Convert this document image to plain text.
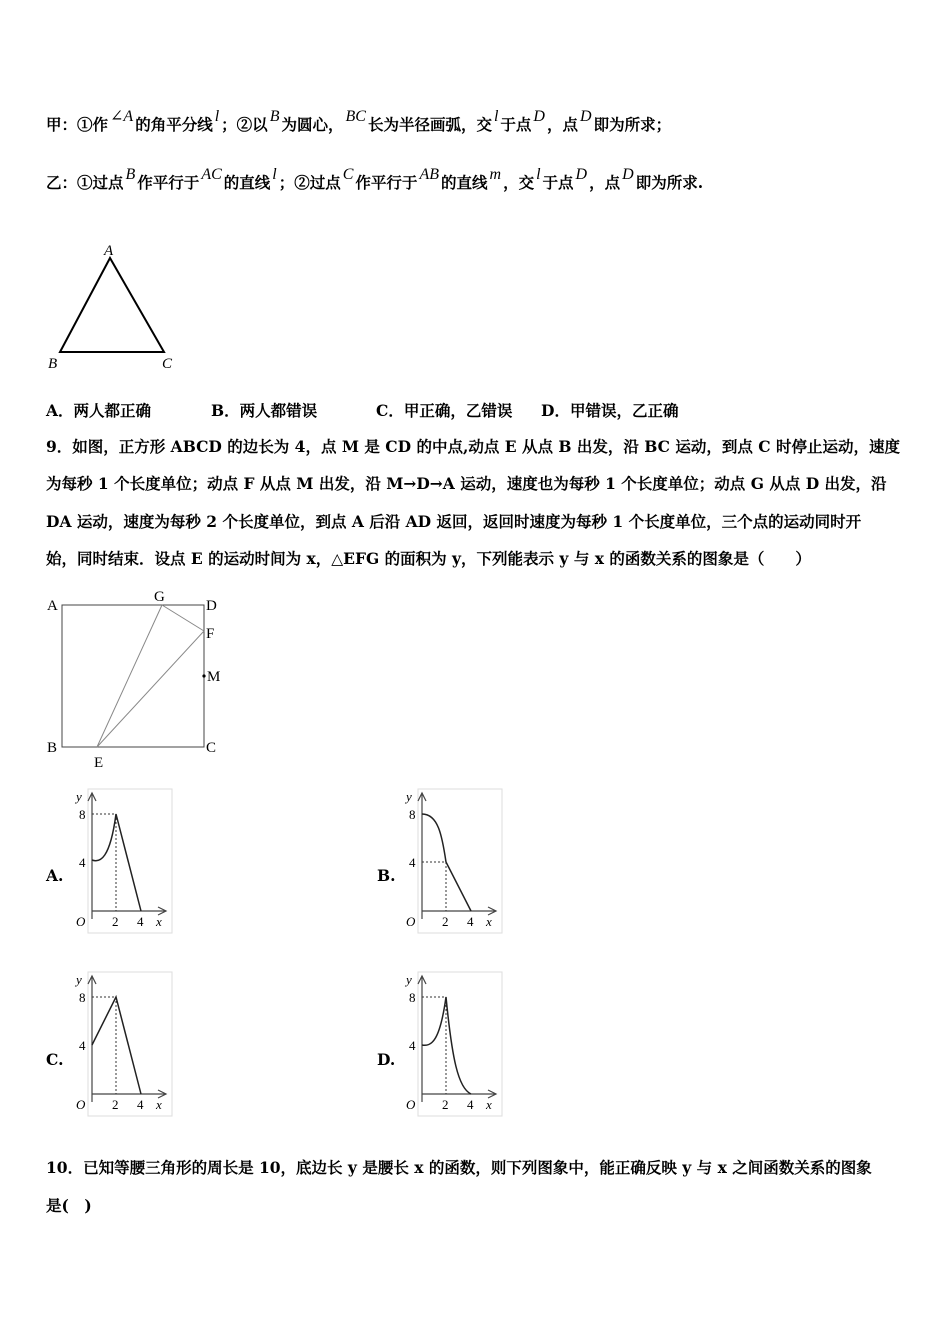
甲：①作 ∠A 的角平分线 l ；②以 B 为圆心， BC 长为半径画弧，交 l 于点 D ，点 D 即为所求；
乙：①过点 B 作平行于 AC 的直线 l ；②过点 C 作平行于 AB 的直线 m ，交 l 于点 D ，点 D 即为所求.
A
B	C
A．两人都正确	B．两人都错误	C．甲正确，乙错误 D．甲错误，乙正确
9．如图，正方形 ABCD 的边长为 4，点 M 是 CD 的中点,动点 E 从点 B 出发，沿 BC 运动，到点 C 时停止运动，速度
为每秒 1 个长度单位；动点 F 从点 M 出发，沿 M→D→A 运动，速度也为每秒 1 个长度单位；动点 G 从点 D 出发，沿
DA 运动，速度为每秒 2 个长度单位，到点 A 后沿 AD 返回，返回时速度为每秒 1 个长度单位，三个点的运动同时开
始，同时结束．设点 E 的运动时间为 x，△EFG 的面积为 y，下列能表示 y 与 x 的函数关系的图象是（　　）
A
G
D
F
M
B
E
C
A.	B.
C.	D.
y
8
4
O 2 4 x
y
8
4
O 2 4 x
y
8
4
O 2 4 x
y
8
4
O 2 4 x
10．已知等腰三角形的周长是 10，底边长 y 是腰长 x 的函数，则下列图象中，能正确反映 y 与 x 之间函数关系的图象
是(　)
